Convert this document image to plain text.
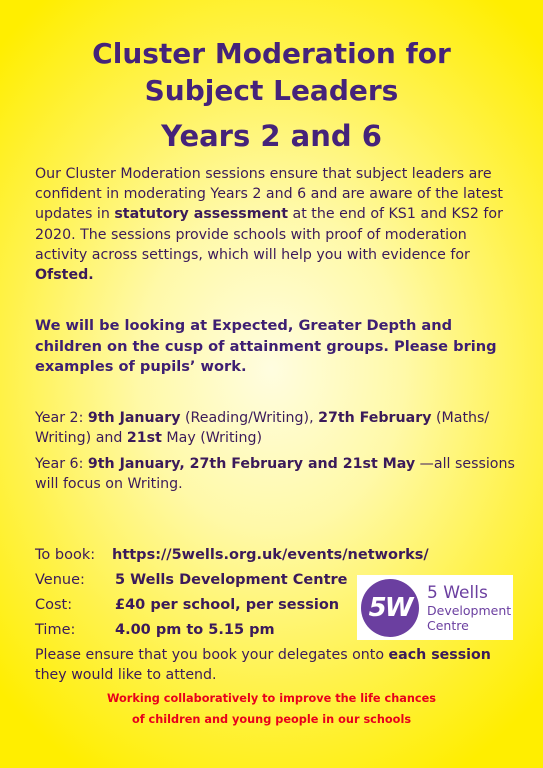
Cluster Moderation for
Subject Leaders
Years 2 and 6

Our Cluster Moderation sessions ensure that subject leaders are confident in moderating Years 2 and 6 and are aware of the latest updates in statutory assessment at the end of KS1 and KS2 for 2020. The sessions provide schools with proof of moderation activity across settings, which will help you with evidence for Ofsted.

We will be looking at Expected, Greater Depth and children on the cusp of attainment groups. Please bring examples of pupils’ work.

Year 2: 9th January (Reading/Writing), 27th February (Maths/ Writing) and 21st May (Writing)

Year 6: 9th January, 27th February and 21st May —all sessions will focus on Writing.

To book: https://5wells.org.uk/events/networks/
Venue: 5 Wells Development Centre
Cost:	£40 per school, per session
Time:	4.00 pm to 5.15 pm

Please ensure that you book your delegates onto each session they would like to attend.

Working collaboratively to improve the life chances
of children and young people in our schools
5W 5 Wells
Development
Centre
